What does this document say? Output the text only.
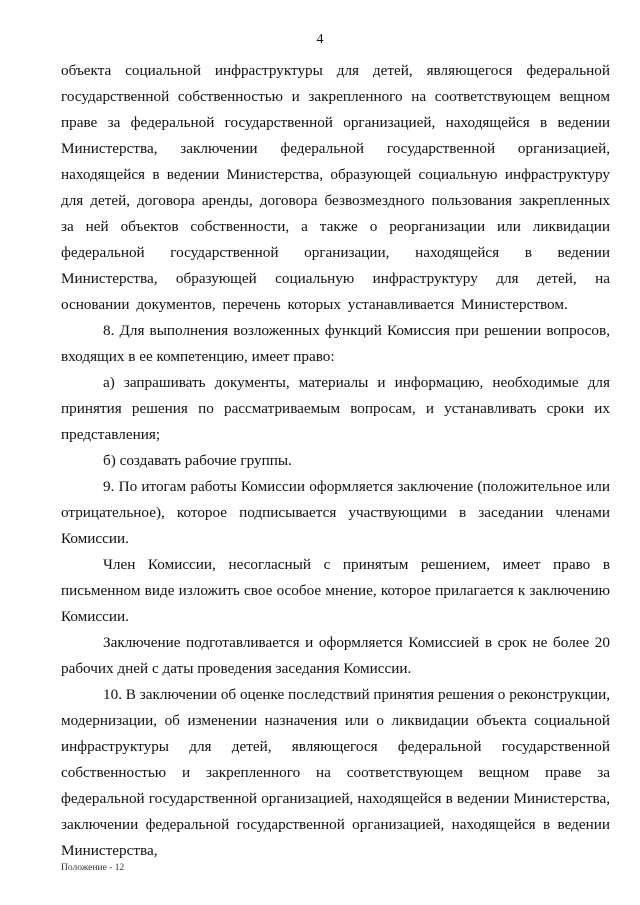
4

объекта социальной инфраструктуры для детей, являющегося федеральной государственной собственностью и закрепленного на соответствующем вещном праве за федеральной государственной организацией, находящейся в ведении Министерства, заключении федеральной государственной организацией, находящейся в ведении Министерства, образующей социальную инфраструктуру для детей, договора аренды, договора безвозмездного пользования закрепленных за ней объектов собственности, а также о реорганизации или ликвидации федеральной государственной организации, находящейся в ведении Министерства, образующей социальную инфраструктуру для детей, на основании документов, перечень которых устанавливается Министерством.

8. Для выполнения возложенных функций Комиссия при решении вопросов, входящих в ее компетенцию, имеет право:

а) запрашивать документы, материалы и информацию, необходимые для принятия решения по рассматриваемым вопросам, и устанавливать сроки их представления;

б) создавать рабочие группы.

9. По итогам работы Комиссии оформляется заключение (положительное или отрицательное), которое подписывается участвующими в заседании членами Комиссии.

Член Комиссии, несогласный с принятым решением, имеет право в письменном виде изложить свое особое мнение, которое прилагается к заключению Комиссии.

Заключение подготавливается и оформляется Комиссией в срок не более 20 рабочих дней с даты проведения заседания Комиссии.

10. В заключении об оценке последствий принятия решения о реконструкции, модернизации, об изменении назначения или о ликвидации объекта социальной инфраструктуры для детей, являющегося федеральной государственной собственностью и закрепленного на соответствующем вещном праве за федеральной государственной организацией, находящейся в ведении Министерства, заключении федеральной государственной организацией, находящейся в ведении Министерства,

Положение - 12
